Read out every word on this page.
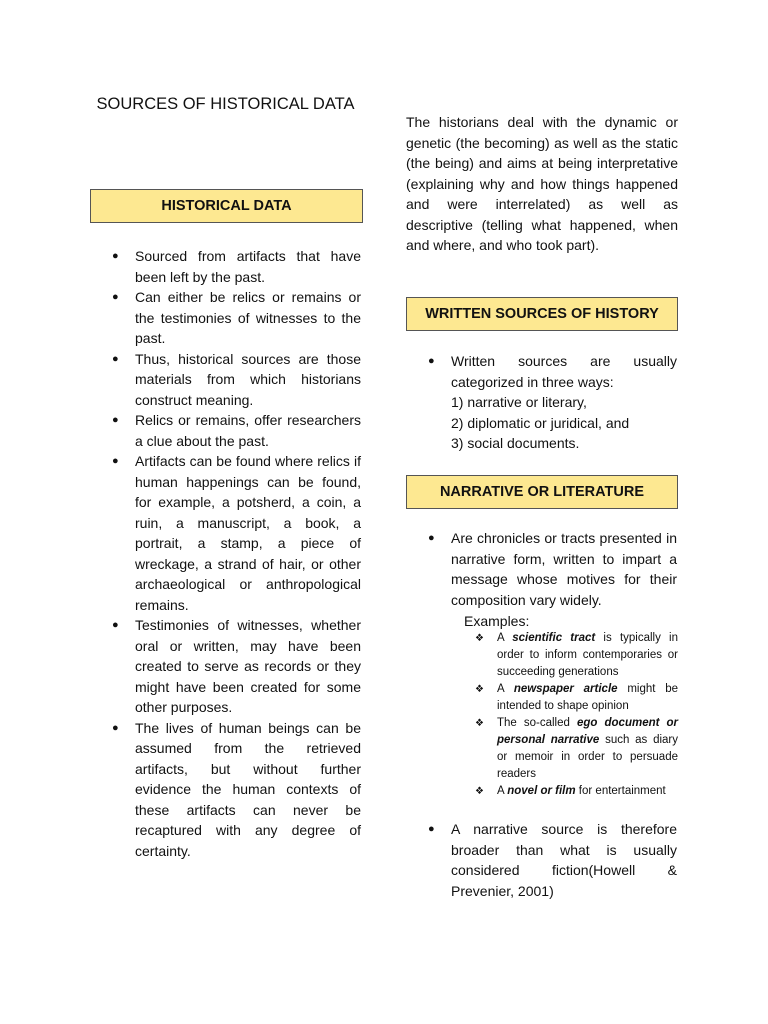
SOURCES OF HISTORICAL DATA
HISTORICAL DATA
● Sourced from artifacts that have been left by the past.
● Can either be relics or remains or the testimonies of witnesses to the past.
● Thus, historical sources are those materials from which historians construct meaning.
● Relics or remains, offer researchers a clue about the past.
● Artifacts can be found where relics if human happenings can be found, for example, a potsherd, a coin, a ruin, a manuscript, a book, a portrait, a stamp, a piece of wreckage, a strand of hair, or other archaeological or anthropological remains.
● Testimonies of witnesses, whether oral or written, may have been created to serve as records or they might have been created for some other purposes.
● The lives of human beings can be assumed from the retrieved artifacts, but without further evidence the human contexts of these artifacts can never be recaptured with any degree of certainty.

The historians deal with the dynamic or genetic (the becoming) as well as the static (the being) and aims at being interpretative (explaining why and how things happened and were interrelated) as well as descriptive (telling what happened, when and where, and who took part).

WRITTEN SOURCES OF HISTORY
● Written sources are usually categorized in three ways:
1) narrative or literary,
2) diplomatic or juridical, and
3) social documents.
NARRATIVE OR LITERATURE
● Are chronicles or tracts presented in narrative form, written to impart a message whose motives for their composition vary widely.
Examples:
❖ A scientific tract is typically in order to inform contemporaries or succeeding generations
❖ A newspaper article might be intended to shape opinion
❖ The so-called ego document or personal narrative such as diary or memoir in order to persuade readers
❖ A novel or film for entertainment
● A narrative source is therefore broader than what is usually considered fiction(Howell & Prevenier, 2001)
